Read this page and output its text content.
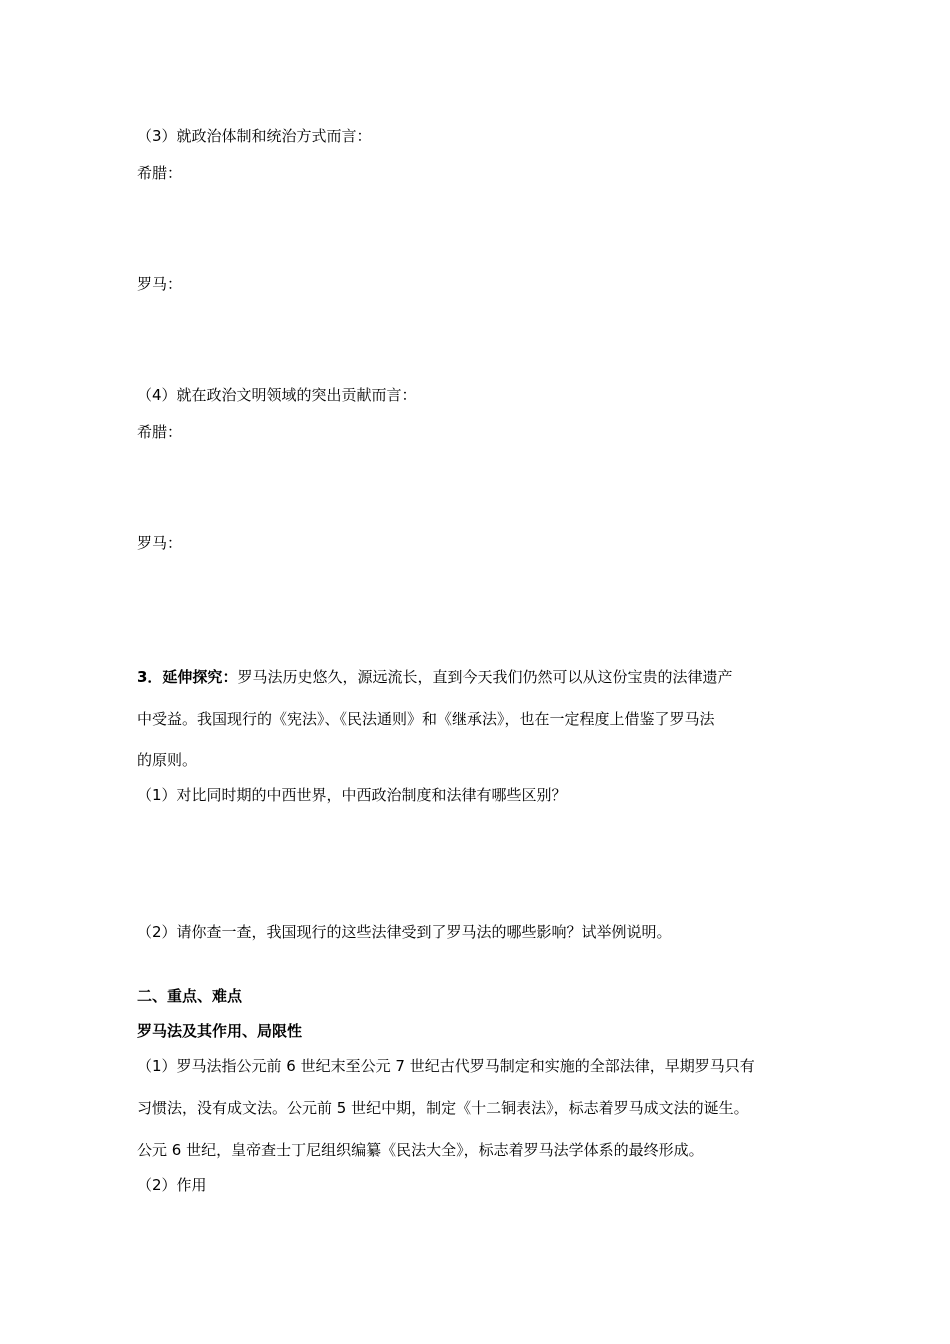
（3）就政治体制和统治方式而言：

希腊：

罗马：

（4）就在政治文明领域的突出贡献而言：

希腊：

罗马：

3．延伸探究：罗马法历史悠久，源远流长，直到今天我们仍然可以从这份宝贵的法律遗产

中受益。我国现行的《宪法》、《民法通则》和《继承法》，也在一定程度上借鉴了罗马法

的原则。

（1）对比同时期的中西世界，中西政治制度和法律有哪些区别？

（2）请你查一查，我国现行的这些法律受到了罗马法的哪些影响？试举例说明。

二、重点、难点

罗马法及其作用、局限性

（1）罗马法指公元前 6 世纪末至公元 7 世纪古代罗马制定和实施的全部法律，早期罗马只有

习惯法，没有成文法。公元前 5 世纪中期，制定《十二铜表法》，标志着罗马成文法的诞生。

公元 6 世纪，皇帝查士丁尼组织编纂《民法大全》，标志着罗马法学体系的最终形成。

（2）作用
